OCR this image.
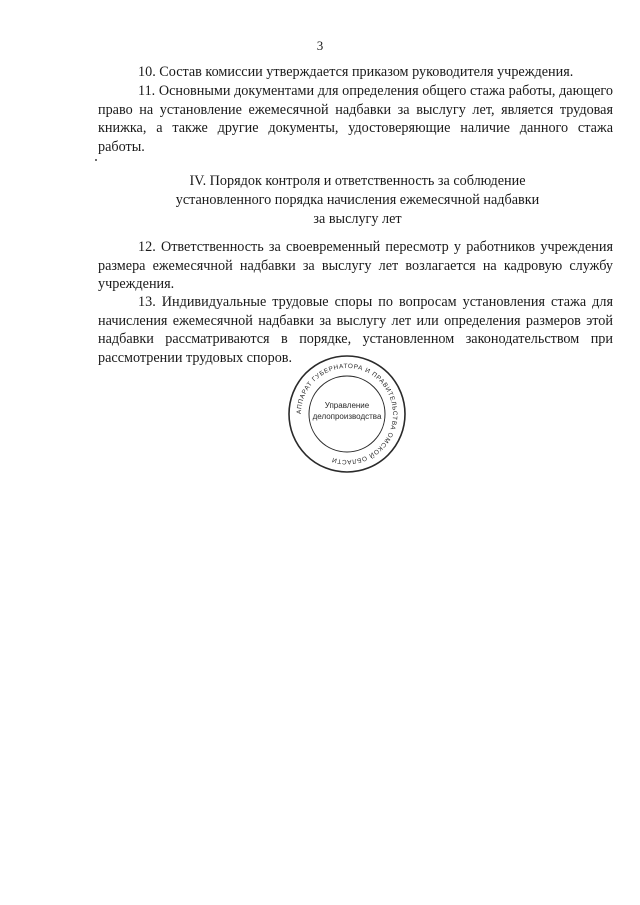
3

10. Состав комиссии утверждается приказом руководителя учреждения.

11. Основными документами для определения общего стажа работы, дающего право на установление ежемесячной надбавки за выслугу лет, является трудовая книжка, а также другие документы, удостоверяющие наличие данного стажа работы.

IV. Порядок контроля и ответственность за соблюдение
установленного порядка начисления ежемесячной надбавки
за выслугу лет

12. Ответственность за своевременный пересмотр у работников учреждения размера ежемесячной надбавки за выслугу лет возлагается на кадровую службу учреждения.

13. Индивидуальные трудовые споры по вопросам установления стажа для начисления ежемесячной надбавки за выслугу лет или определения размеров этой надбавки рассматриваются в порядке, установленном законодательством при рассмотрении трудовых споров.

АППАРАТ ГУБЕРНАТОРА И ПРАВИТЕЛЬСТВА ОМСКОЙ ОБЛАСТИ
Управление
делопроизводства
